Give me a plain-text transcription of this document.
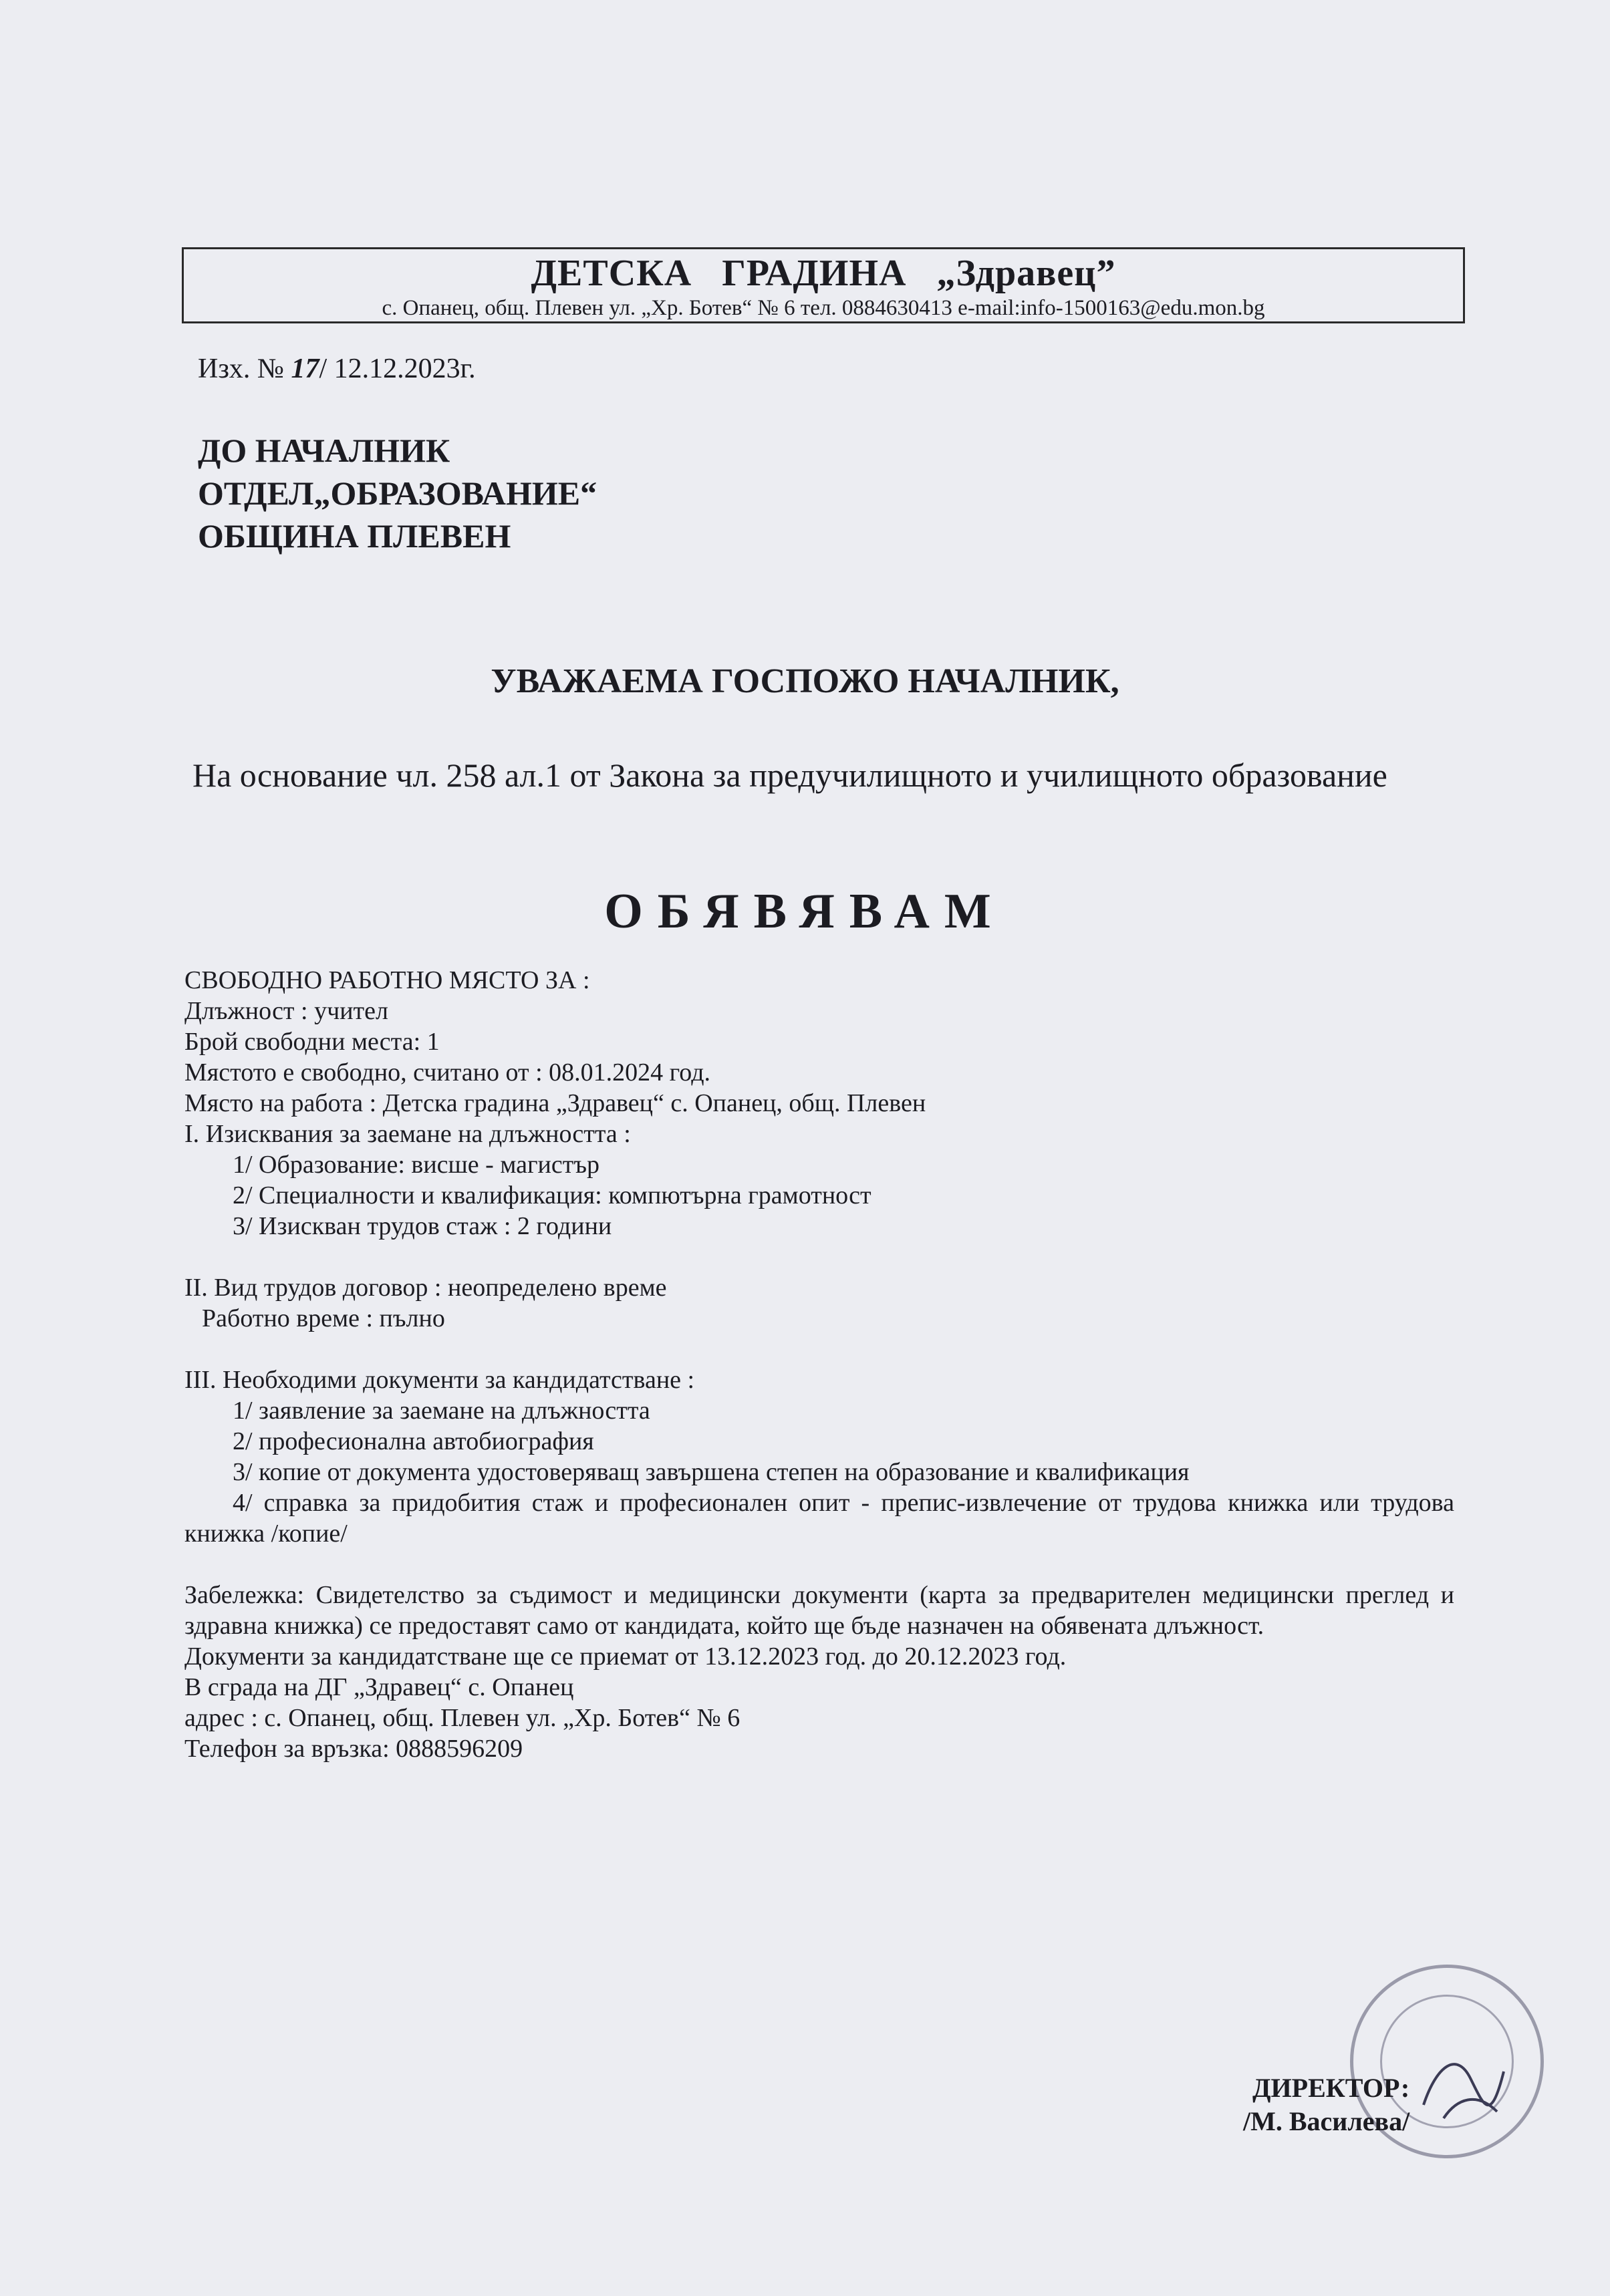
ДЕТСКА ГРАДИНА „Здравец”
с. Опанец, общ. Плевен ул. „Хр. Ботев“ № 6 тел. 0884630413 e-mail:info-1500163@edu.mon.bg
Изх. № 17/ 12.12.2023г.
ДО НАЧАЛНИК
ОТДЕЛ„ОБРАЗОВАНИЕ“
ОБЩИНА ПЛЕВЕН
УВАЖАЕМА ГОСПОЖО НАЧАЛНИК,
На основание чл. 258 ал.1 от Закона за предучилищното и училищното образование
ОБЯВЯВАМ
СВОБОДНО РАБОТНО МЯСТО ЗА :
Длъжност : учител
Брой свободни места: 1
Мястото е свободно, считано от : 08.01.2024 год.
Място на работа : Детска градина „Здравец“ с. Опанец, общ. Плевен
I. Изисквания за заемане на длъжността :
1/ Образование: висше - магистър
2/ Специалности и квалификация: компютърна грамотност
3/ Изискван трудов стаж : 2 години
II. Вид трудов договор : неопределено време
Работно време : пълно
III. Необходими документи за кандидатстване :
1/ заявление за заемане на длъжността
2/ професионална автобиография
3/ копие от документа удостоверяващ завършена степен на образование и квалификация
4/ справка за придобития стаж и професионален опит - препис-извлечение от трудова книжка или трудова книжка /копие/
Забележка: Свидетелство за съдимост и медицински документи (карта за предварителен медицински преглед и здравна книжка) се предоставят само от кандидата, който ще бъде назначен на обявената длъжност.
Документи за кандидатстване ще се приемат от 13.12.2023 год. до 20.12.2023 год.
В сграда на ДГ „Здравец“ с. Опанец
адрес : с. Опанец, общ. Плевен ул. „Хр. Ботев“ № 6
Телефон за връзка: 0888596209
ДИРЕКТОР:
/М. Василева/
